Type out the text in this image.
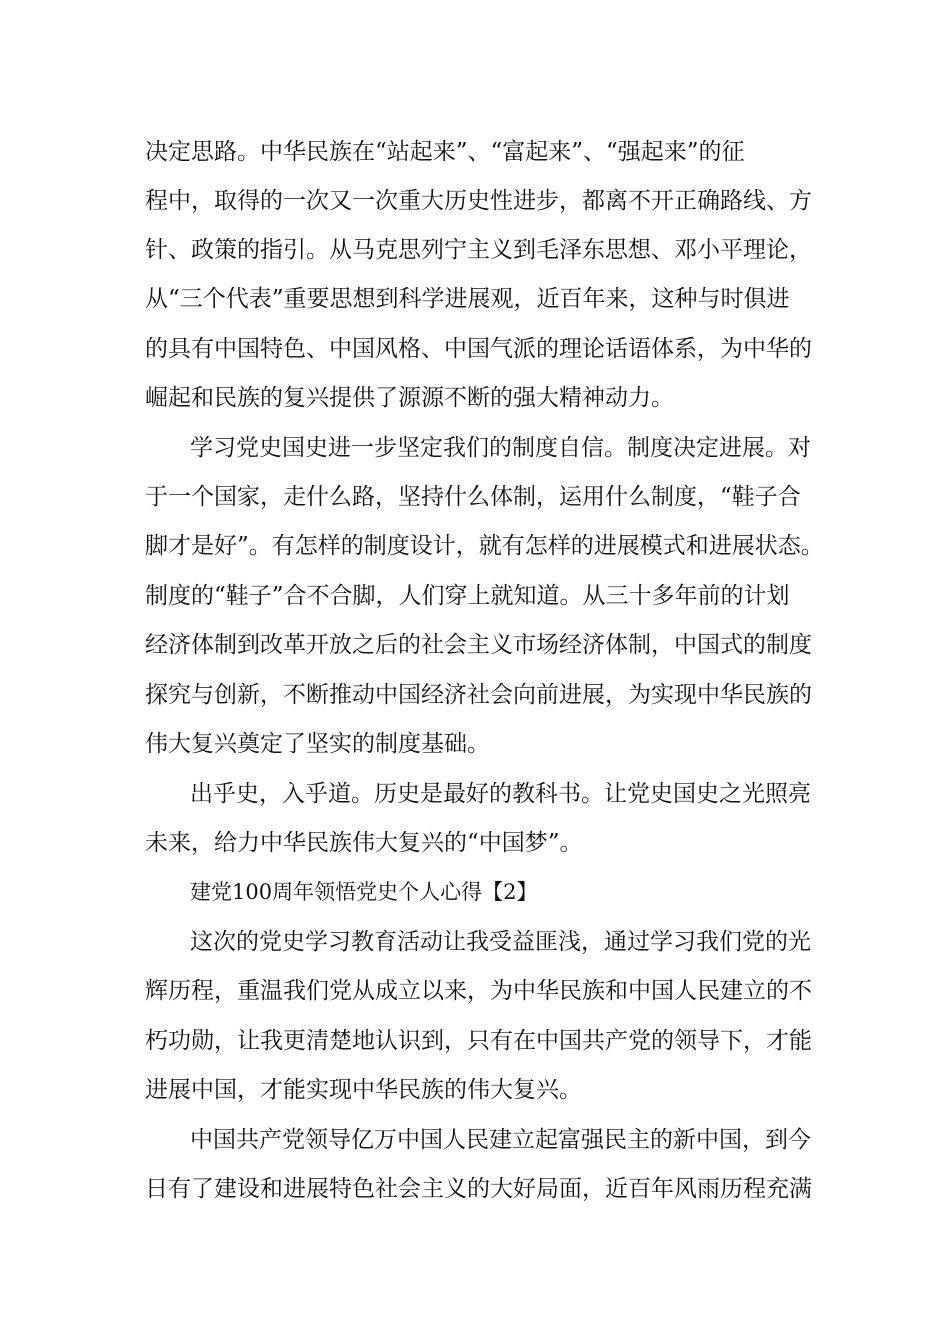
决定思路。中华民族在“站起来”、“富起来”、“强起来”的征
程中，取得的一次又一次重大历史性进步，都离不开正确路线、方
针、政策的指引。从马克思列宁主义到毛泽东思想、邓小平理论，
从“三个代表”重要思想到科学进展观，近百年来，这种与时俱进
的具有中国特色、中国风格、中国气派的理论话语体系，为中华的
崛起和民族的复兴提供了源源不断的强大精神动力。
学习党史国史进一步坚定我们的制度自信。制度决定进展。对
于一个国家，走什么路，坚持什么体制，运用什么制度，“鞋子合
脚才是好”。有怎样的制度设计，就有怎样的进展模式和进展状态。
制度的“鞋子”合不合脚，人们穿上就知道。从三十多年前的计划
经济体制到改革开放之后的社会主义市场经济体制，中国式的制度
探究与创新，不断推动中国经济社会向前进展，为实现中华民族的
伟大复兴奠定了坚实的制度基础。
出乎史，入乎道。历史是最好的教科书。让党史国史之光照亮
未来，给力中华民族伟大复兴的“中国梦”。
建党100周年领悟党史个人心得【2】
这次的党史学习教育活动让我受益匪浅，通过学习我们党的光
辉历程，重温我们党从成立以来，为中华民族和中国人民建立的不
朽功勋，让我更清楚地认识到，只有在中国共产党的领导下，才能
进展中国，才能实现中华民族的伟大复兴。
中国共产党领导亿万中国人民建立起富强民主的新中国，到今
日有了建设和进展特色社会主义的大好局面，近百年风雨历程充满
